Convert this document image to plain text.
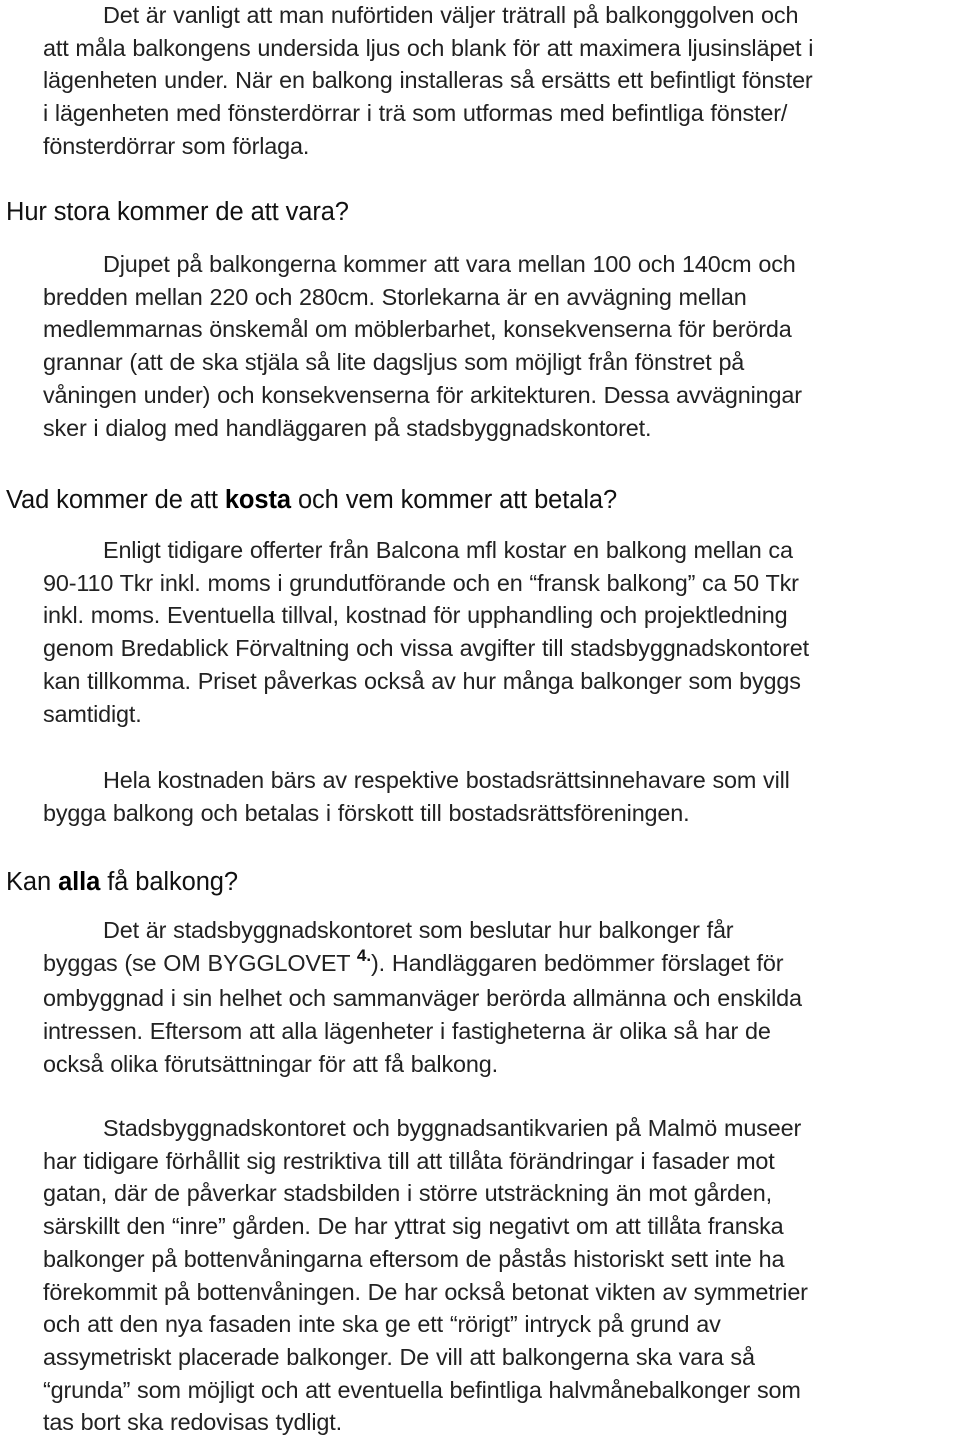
Det är vanligt att man nuförtiden väljer trätrall på balkonggolven och
att måla balkongens undersida ljus och blank för att maximera ljusinsläpet i
lägenheten under. När en balkong installeras så ersätts ett befintligt fönster
i lägenheten med fönsterdörrar i trä som utformas med befintliga fönster/
fönsterdörrar som förlaga.
Hur stora kommer de att vara?
Djupet på balkongerna kommer att vara mellan 100 och 140cm och
bredden mellan 220 och 280cm. Storlekarna är en avvägning mellan
medlemmarnas önskemål om möblerbarhet, konsekvenserna för berörda
grannar (att de ska stjäla så lite dagsljus som möjligt från fönstret på
våningen under) och konsekvenserna för arkitekturen. Dessa avvägningar
sker i dialog med handläggaren på stadsbyggnadskontoret.
Vad kommer de att kosta och vem kommer att betala?
Enligt tidigare offerter från Balcona mfl kostar en balkong mellan ca
90-110 Tkr inkl. moms i grundutförande och en “fransk balkong” ca 50 Tkr
inkl. moms. Eventuella tillval, kostnad för upphandling och projektledning
genom Bredablick Förvaltning och vissa avgifter till stadsbyggnadskontoret
kan tillkomma. Priset påverkas också av hur många balkonger som byggs
samtidigt.
Hela kostnaden bärs av respektive bostadsrättsinnehavare som vill
bygga balkong och betalas i förskott till bostadsrättsföreningen.
Kan alla få balkong?
Det är stadsbyggnadskontoret som beslutar hur balkonger får
byggas (se OM BYGGLOVET $^{4.}$). Handläggaren bedömmer förslaget för
ombyggnad i sin helhet och sammanväger berörda allmänna och enskilda
intressen. Eftersom att alla lägenheter i fastigheterna är olika så har de
också olika förutsättningar för att få balkong.
Stadsbyggnadskontoret och byggnadsantikvarien på Malmö museer
har tidigare förhållit sig restriktiva till att tillåta förändringar i fasader mot
gatan, där de påverkar stadsbilden i större utsträckning än mot gården,
särskillt den “inre” gården. De har yttrat sig negativt om att tillåta franska
balkonger på bottenvåningarna eftersom de påstås historiskt sett inte ha
förekommit på bottenvåningen. De har också betonat vikten av symmetrier
och att den nya fasaden inte ska ge ett “rörigt” intryck på grund av
assymetriskt placerade balkonger. De vill att balkongerna ska vara så
“grunda” som möjligt och att eventuella befintliga halvmånebalkonger som
tas bort ska redovisas tydligt.
